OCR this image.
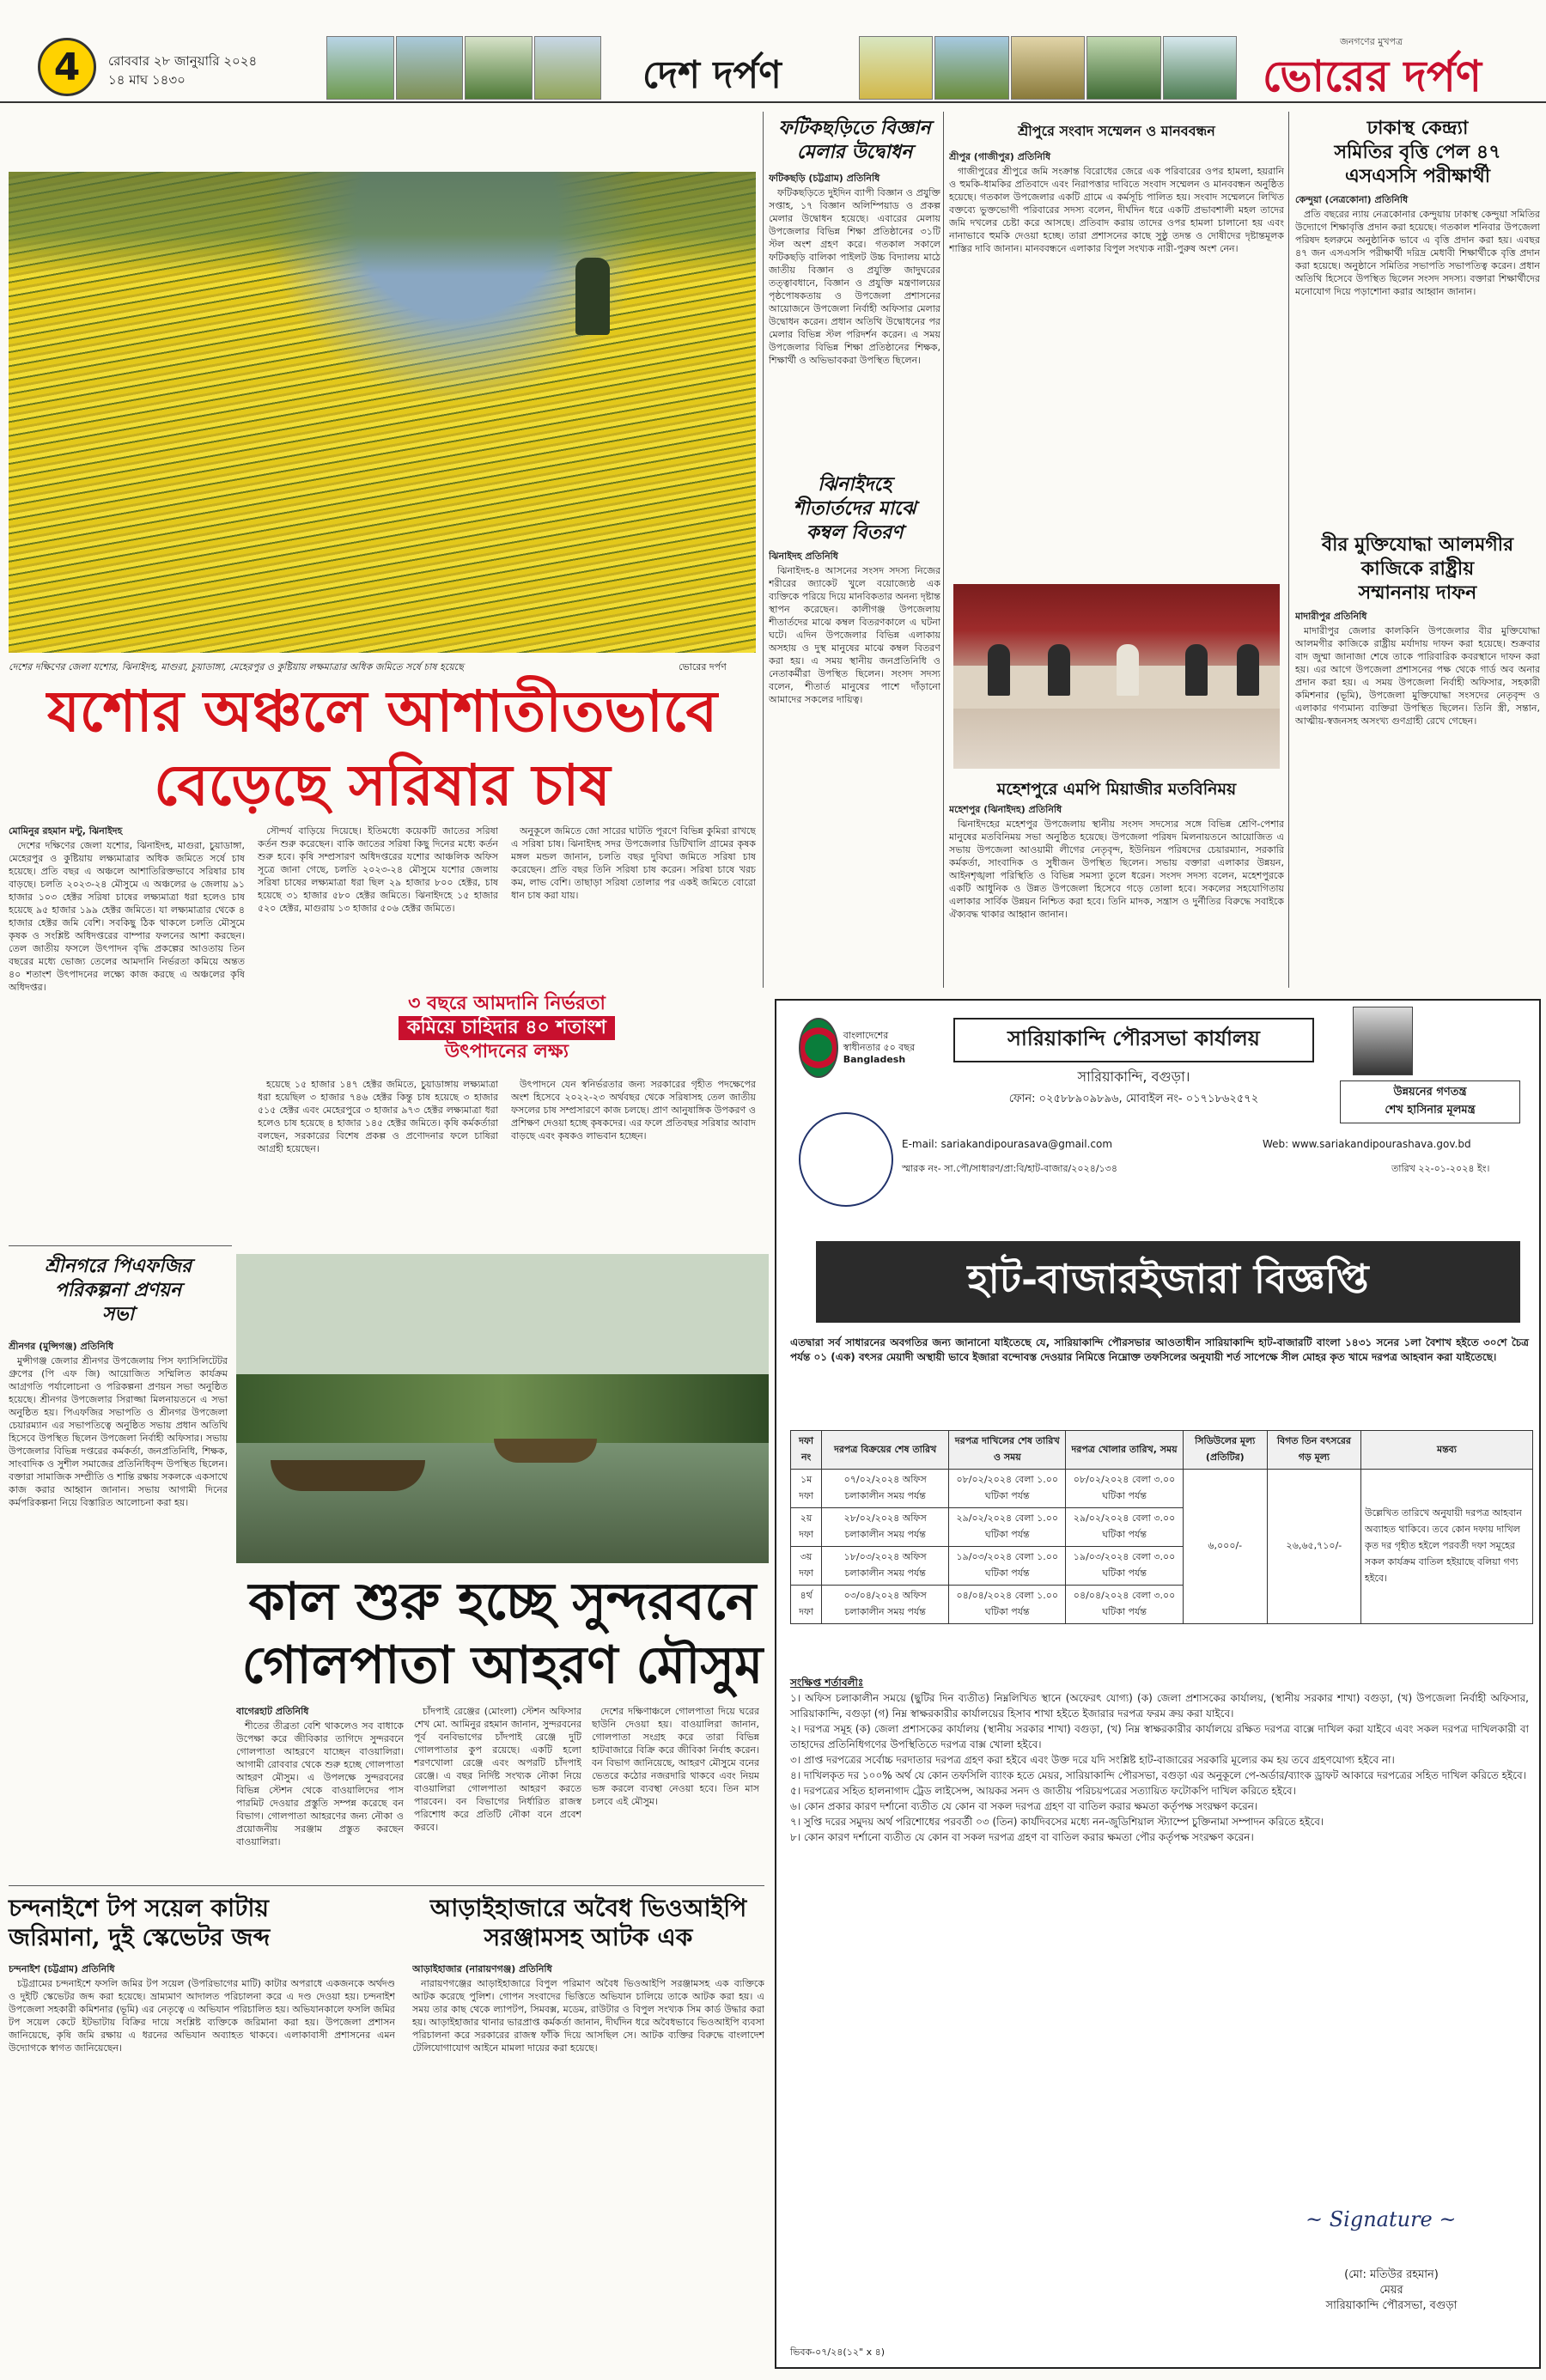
4	রোববার ২৮ জানুয়ারি ২০২৪
১৪ মাঘ ১৪৩০	দেশ দর্পণ
জনগণের মুখপত্র
ভোরের দর্পণ
দেশের দক্ষিণের জেলা যশোর, ঝিনাইদহ, মাগুরা, চুয়াডাঙ্গা, মেহেরপুর ও কুষ্টিয়ায় লক্ষমাত্রার অধিক জমিতে সর্ষে চাষ হয়েছে	ভোরের দর্পণ
যশোর অঞ্চলে আশাতীতভাবে
বেড়েছে সরিষার চাষ

মোমিনুর রহমান মন্টু, ঝিনাইদহ

দেশের দক্ষিণের জেলা যশোর, ঝিনাইদহ, মাগুরা, চুয়াডাঙ্গা, মেহেরপুর ও কুষ্টিয়ায় লক্ষ্যমাত্রার অধিক জমিতে সর্ষে চাষ হয়েছে। প্রতি বছর এ অঞ্চলে আশাতিরিক্তভাবে সরিষার চাষ বাড়ছে। চলতি ২০২৩-২৪ মৌসুমে এ অঞ্চলের ৬ জেলায় ৯১ হাজার ১০৩ হেক্টর সরিষা চাষের লক্ষ্যমাত্রা ধরা হলেও চাষ হয়েছে ৯৫ হাজার ১৯৯ হেক্টর জমিতে। যা লক্ষ্যমাত্রার থেকে ৪ হাজার হেক্টর জমি বেশি। সবকিছু ঠিক থাকলে চলতি মৌসুমে কৃষক ও সংশ্লিষ্ট অধিদপ্তরের বাম্পার ফলনের আশা করছেন। তেল জাতীয় ফসলে উৎপাদন বৃদ্ধি প্রকল্পের আওতায় তিন বছরের মধ্যে ভোজ্য তেলের আমদানি নির্ভরতা কমিয়ে অন্তত ৪০ শতাংশ উৎপাদনের লক্ষ্যে কাজ করছে এ অঞ্চলের কৃষি অধিদপ্তর।

সৌন্দর্য বাড়িয়ে দিয়েছে। ইতিমধ্যে কয়েকটি জাতের সরিষা কর্তন শুরু করেছেন। বাকি জাতের সরিষা কিছু দিনের মধ্যে কর্তন শুরু হবে। কৃষি সম্প্রসারণ অধিদপ্তরের যশোর আঞ্চলিক অফিস সূত্রে জানা গেছে, চলতি ২০২৩-২৪ মৌসুমে যশোর জেলায় সরিষা চাষের লক্ষ্যমাত্রা ধরা ছিল ২৯ হাজার ৮০০ হেক্টর, চাষ হয়েছে ৩১ হাজার ৫৮০ হেক্টর জমিতে। ঝিনাইদহে ১৫ হাজার ৫২০ হেক্টর, মাগুরায় ১৩ হাজার ৫০৬ হেক্টর জমিতে।

অনুকূলে জমিতে জো সারের ঘাটতি পূরণে বিভিন্ন কুমিরা রাখছে এ সরিষা চাষ। ঝিনাইদহ সদর উপজেলার ডিটিখালি গ্রামের কৃষক মঙ্গল মন্ডল জানান, চলতি বছর দুবিঘা জমিতে সরিষা চাষ করেছেন। প্রতি বছর তিনি সরিষা চাষ করেন। সরিষা চাষে খরচ কম, লাভ বেশি। তাছাড়া সরিষা তোলার পর একই জমিতে বোরো ধান চাষ করা যায়।

৩ বছরে আমদানি নির্ভরতা
কমিয়ে চাহিদার ৪০ শতাংশ
উৎপাদনের লক্ষ্য

হয়েছে ১৫ হাজার ১৪৭ হেক্টর জমিতে, চুয়াডাঙ্গায় লক্ষ্যমাত্রা ধরা হয়েছিল ৩ হাজার ৭৪৬ হেক্টর কিন্তু চাষ হয়েছে ৩ হাজার ৫১৫ হেক্টর এবং মেহেরপুরে ৩ হাজার ৯৭৩ হেক্টর লক্ষ্যমাত্রা ধরা হলেও চাষ হয়েছে ৪ হাজার ১৪৫ হেক্টর জমিতে। কৃষি কর্মকর্তারা বলছেন, সরকারের বিশেষ প্রকল্প ও প্রণোদনার ফলে চাষিরা আগ্রহী হয়েছেন।

উৎপাদনে যেন স্বনির্ভরতার জন্য সরকারের গৃহীত পদক্ষেপের অংশ হিসেবে ২০২২-২৩ অর্থবছর থেকে সরিষাসহ তেল জাতীয় ফসলের চাষ সম্প্রসারণে কাজ চলছে। প্রাণ আনুষাঙ্গিক উপকরণ ও প্রশিক্ষণ দেওয়া হচ্ছে কৃষকদের। এর ফলে প্রতিবছর সরিষার আবাদ বাড়ছে এবং কৃষকও লাভবান হচ্ছেন।

শ্রীনগরে পিএফজির
পরিকল্পনা প্রণয়ন
সভা

শ্রীনগর (মুন্সিগঞ্জ) প্রতিনিধি

মুন্সীগঞ্জ জেলার শ্রীনগর উপজেলায় পিস ফ্যাসিলিটেটর গ্রুপের (পি এফ জি) আয়োজিত সম্মিলিত কার্যক্রম আগ্রগতি পর্যালোচনা ও পরিকল্পনা প্রণয়ন সভা অনুষ্ঠিত হয়েছে। শ্রীনগর উপজেলার সিরাজ্জা মিলনায়তনে এ সভা অনুষ্ঠিত হয়। পিএফজির সভাপতি ও শ্রীনগর উপজেলা চেয়ারম্যান এর সভাপতিত্বে অনুষ্ঠিত সভায় প্রধান অতিথি হিসেবে উপস্থিত ছিলেন উপজেলা নির্বাহী অফিসার। সভায় উপজেলার বিভিন্ন দপ্তরের কর্মকর্তা, জনপ্রতিনিধি, শিক্ষক, সাংবাদিক ও সুশীল সমাজের প্রতিনিধিবৃন্দ উপস্থিত ছিলেন। বক্তারা সামাজিক সম্প্রীতি ও শান্তি রক্ষায় সকলকে একসাথে কাজ করার আহ্বান জানান। সভায় আগামী দিনের কর্মপরিকল্পনা নিয়ে বিস্তারিত আলোচনা করা হয়।

কাল শুরু হচ্ছে সুন্দরবনে
গোলপাতা আহরণ মৌসুম

বাগেরহাট প্রতিনিধি

শীতের তীব্রতা বেশি থাকলেও সব বাধাকে উপেক্ষা করে জীবিকার তাগিদে সুন্দরবনে গোলপাতা আহরণে যাচ্ছেন বাওয়ালিরা। আগামী রোববার থেকে শুরু হচ্ছে গোলপাতা আহরণ মৌসুম। এ উপলক্ষে সুন্দরবনের বিভিন্ন স্টেশন থেকে বাওয়ালিদের পাস পারমিট দেওয়ার প্রস্তুতি সম্পন্ন করেছে বন বিভাগ। গোলপাতা আহরণের জন্য নৌকা ও প্রয়োজনীয় সরঞ্জাম প্রস্তুত করছেন বাওয়ালিরা।

চাঁদপাই রেঞ্জের (মোংলা) স্টেশন অফিসার শেখ মো. আমিনুর রহমান জানান, সুন্দরবনের পূর্ব বনবিভাগের চাঁদপাই রেঞ্জে দুটি গোলপাতার কুপ রয়েছে। একটি হলো শরণখোলা রেঞ্জে এবং অপরটি চাঁদপাই রেঞ্জে। এ বছর নির্দিষ্ট সংখ্যক নৌকা নিয়ে বাওয়ালিরা গোলপাতা আহরণ করতে পারবেন। বন বিভাগের নির্ধারিত রাজস্ব পরিশোধ করে প্রতিটি নৌকা বনে প্রবেশ করবে।

দেশের দক্ষিণাঞ্চলে গোলপাতা দিয়ে ঘরের ছাউনি দেওয়া হয়। বাওয়ালিরা জানান, গোলপাতা সংগ্রহ করে তারা বিভিন্ন হাটবাজারে বিক্রি করে জীবিকা নির্বাহ করেন। বন বিভাগ জানিয়েছে, আহরণ মৌসুমে বনের ভেতরে কঠোর নজরদারি থাকবে এবং নিয়ম ভঙ্গ করলে ব্যবস্থা নেওয়া হবে। তিন মাস চলবে এই মৌসুম।

চন্দনাইশে টপ সয়েল কাটায়
জরিমানা, দুই স্কেভেটর জব্দ

চন্দনাইশ (চট্টগ্রাম) প্রতিনিধি

চট্টগ্রামের চন্দনাইশে ফসলি জমির টপ সয়েল (উপরিভাগের মাটি) কাটার অপরাধে একজনকে অর্থদণ্ড ও দুইটি স্কেভেটর জব্দ করা হয়েছে। ভ্রাম্যমাণ আদালত পরিচালনা করে এ দণ্ড দেওয়া হয়। চন্দনাইশ উপজেলা সহকারী কমিশনার (ভূমি) এর নেতৃত্বে এ অভিযান পরিচালিত হয়। অভিযানকালে ফসলি জমির টপ সয়েল কেটে ইটভাটায় বিক্রির দায়ে সংশ্লিষ্ট ব্যক্তিকে জরিমানা করা হয়। উপজেলা প্রশাসন জানিয়েছে, কৃষি জমি রক্ষায় এ ধরনের অভিযান অব্যাহত থাকবে। এলাকাবাসী প্রশাসনের এমন উদ্যোগকে স্বাগত জানিয়েছেন।

আড়াইহাজারে অবৈধ ভিওআইপি
সরঞ্জামসহ আটক এক

আড়াইহাজার (নারায়ণগঞ্জ) প্রতিনিধি

নারায়ণগঞ্জের আড়াইহাজারে বিপুল পরিমাণ অবৈধ ভিওআইপি সরঞ্জামসহ এক ব্যক্তিকে আটক করেছে পুলিশ। গোপন সংবাদের ভিত্তিতে অভিযান চালিয়ে তাকে আটক করা হয়। এ সময় তার কাছ থেকে ল্যাপটপ, সিমবক্স, মডেম, রাউটার ও বিপুল সংখ্যক সিম কার্ড উদ্ধার করা হয়। আড়াইহাজার থানার ভারপ্রাপ্ত কর্মকর্তা জানান, দীর্ঘদিন ধরে অবৈধভাবে ভিওআইপি ব্যবসা পরিচালনা করে সরকারের রাজস্ব ফাঁকি দিয়ে আসছিল সে। আটক ব্যক্তির বিরুদ্ধে বাংলাদেশ টেলিযোগাযোগ আইনে মামলা দায়ের করা হয়েছে।

ফটিকছড়িতে বিজ্ঞান
মেলার উদ্বোধন

ফটিকছড়ি (চট্টগ্রাম) প্রতিনিধি

ফটিকছড়িতে দুইদিন ব্যাপী বিজ্ঞান ও প্রযুক্তি সপ্তাহ, ১৭ বিজ্ঞান অলিম্পিয়াড ও প্রকল্প মেলার উদ্বোধন হয়েছে। এবারের মেলায় উপজেলার বিভিন্ন শিক্ষা প্রতিষ্ঠানের ৩১টি স্টল অংশ গ্রহণ করে। গতকাল সকালে ফটিকছড়ি বালিকা পাইলট উচ্চ বিদ্যালয় মাঠে জাতীয় বিজ্ঞান ও প্রযুক্তি জাদুঘরের তত্ত্বাবধানে, বিজ্ঞান ও প্রযুক্তি মন্ত্রণালয়ের পৃষ্ঠপোষকতায় ও উপজেলা প্রশাসনের আয়োজনে উপজেলা নির্বাহী অফিসার মেলার উদ্বোধন করেন। প্রধান অতিথি উদ্বোধনের পর মেলার বিভিন্ন স্টল পরিদর্শন করেন। এ সময় উপজেলার বিভিন্ন শিক্ষা প্রতিষ্ঠানের শিক্ষক, শিক্ষার্থী ও অভিভাবকরা উপস্থিত ছিলেন।

ঝিনাইদহে
শীতার্তদের মাঝে
কম্বল বিতরণ

ঝিনাইদহ প্রতিনিধি

ঝিনাইদহ-৪ আসনের সংসদ সদস্য নিজের শরীরের জ্যাকেট খুলে বয়োজ্যেষ্ঠ এক ব্যক্তিকে পরিয়ে দিয়ে মানবিকতার অনন্য দৃষ্টান্ত স্থাপন করেছেন। কালীগঞ্জ উপজেলায় শীতার্তদের মাঝে কম্বল বিতরণকালে এ ঘটনা ঘটে। এদিন উপজেলার বিভিন্ন এলাকায় অসহায় ও দুস্থ মানুষের মাঝে কম্বল বিতরণ করা হয়। এ সময় স্থানীয় জনপ্রতিনিধি ও নেতাকর্মীরা উপস্থিত ছিলেন। সংসদ সদস্য বলেন, শীতার্ত মানুষের পাশে দাঁড়ানো আমাদের সকলের দায়িত্ব।

শ্রীপুরে সংবাদ সম্মেলন ও মানববন্ধন

শ্রীপুর (গাজীপুর) প্রতিনিধি

গাজীপুরের শ্রীপুরে জমি সংক্রান্ত বিরোধের জেরে এক পরিবারের ওপর হামলা, হয়রানি ও হুমকি-ধামকির প্রতিবাদে এবং নিরাপত্তার দাবিতে সংবাদ সম্মেলন ও মানববন্ধন অনুষ্ঠিত হয়েছে। গতকাল উপজেলার একটি গ্রামে এ কর্মসূচি পালিত হয়। সংবাদ সম্মেলনে লিখিত বক্তব্যে ভুক্তভোগী পরিবারের সদস্য বলেন, দীর্ঘদিন ধরে একটি প্রভাবশালী মহল তাদের জমি দখলের চেষ্টা করে আসছে। প্রতিবাদ করায় তাদের ওপর হামলা চালানো হয় এবং নানাভাবে হুমকি দেওয়া হচ্ছে। তারা প্রশাসনের কাছে সুষ্ঠু তদন্ত ও দোষীদের দৃষ্টান্তমূলক শাস্তির দাবি জানান। মানববন্ধনে এলাকার বিপুল সংখ্যক নারী-পুরুষ অংশ নেন।

মহেশপুরে এমপি মিয়াজীর মতবিনিময়

মহেশপুর (ঝিনাইদহ) প্রতিনিধি

ঝিনাইদহের মহেশপুর উপজেলায় স্থানীয় সংসদ সদস্যের সঙ্গে বিভিন্ন শ্রেণি-পেশার মানুষের মতবিনিময় সভা অনুষ্ঠিত হয়েছে। উপজেলা পরিষদ মিলনায়তনে আয়োজিত এ সভায় উপজেলা আওয়ামী লীগের নেতৃবৃন্দ, ইউনিয়ন পরিষদের চেয়ারম্যান, সরকারি কর্মকর্তা, সাংবাদিক ও সুধীজন উপস্থিত ছিলেন। সভায় বক্তারা এলাকার উন্নয়ন, আইনশৃঙ্খলা পরিস্থিতি ও বিভিন্ন সমস্যা তুলে ধরেন। সংসদ সদস্য বলেন, মহেশপুরকে একটি আধুনিক ও উন্নত উপজেলা হিসেবে গড়ে তোলা হবে। সকলের সহযোগিতায় এলাকার সার্বিক উন্নয়ন নিশ্চিত করা হবে। তিনি মাদক, সন্ত্রাস ও দুর্নীতির বিরুদ্ধে সবাইকে ঐক্যবদ্ধ থাকার আহ্বান জানান।

ঢাকাস্থ কেন্দ্র্যা
সমিতির বৃত্তি পেল ৪৭
এসএসসি পরীক্ষার্থী

কেন্দুয়া (নেত্রকোনা) প্রতিনিধি

প্রতি বছরের ন্যায় নেত্রকোনার কেন্দুয়ায় ঢাকাস্থ কেন্দুয়া সমিতির উদ্যোগে শিক্ষাবৃত্তি প্রদান করা হয়েছে। গতকাল শনিবার উপজেলা পরিষদ হলরুমে অনুষ্ঠানিক ভাবে এ বৃত্তি প্রদান করা হয়। এবছর ৪৭ জন এসএসসি পরীক্ষার্থী দরিদ্র মেধাবী শিক্ষার্থীকে বৃত্তি প্রদান করা হয়েছে। অনুষ্ঠানে সমিতির সভাপতি সভাপতিত্ব করেন। প্রধান অতিথি হিসেবে উপস্থিত ছিলেন সংসদ সদস্য। বক্তারা শিক্ষার্থীদের মনোযোগ দিয়ে পড়াশোনা করার আহ্বান জানান।

বীর মুক্তিযোদ্ধা আলমগীর
কাজিকে রাষ্ট্রীয়
সম্মাননায় দাফন

মাদারীপুর প্রতিনিধি

মাদারীপুর জেলার কালকিনি উপজেলার বীর মুক্তিযোদ্ধা আলমগীর কাজিকে রাষ্ট্রীয় মর্যাদায় দাফন করা হয়েছে। শুক্রবার বাদ জুম্মা জানাজা শেষে তাকে পারিবারিক কবরস্থানে দাফন করা হয়। এর আগে উপজেলা প্রশাসনের পক্ষ থেকে গার্ড অব অনার প্রদান করা হয়। এ সময় উপজেলা নির্বাহী অফিসার, সহকারী কমিশনার (ভূমি), উপজেলা মুক্তিযোদ্ধা সংসদের নেতৃবৃন্দ ও এলাকার গণ্যমান্য ব্যক্তিরা উপস্থিত ছিলেন। তিনি স্ত্রী, সন্তান, আত্মীয়-স্বজনসহ অসংখ্য গুণগ্রাহী রেখে গেছেন।

বাংলাদেশের স্বাধীনতার ৫০ বছর
Bangladesh
সারিয়াকান্দি পৌরসভা কার্যালয়
সারিয়াকান্দি, বগুড়া।
ফোন: ০২৫৮৮৯০৯৮৯৬, মোবাইল নং- ০১৭১৮৬২৫৭২
উন্নয়নের গণতন্ত্র
শেখ হাসিনার মূলমন্ত্র
E-mail: sariakandipourasava@gmail.com	Web: www.sariakandipourashava.gov.bd
স্মারক নং- সা.পৌ/সাধারণ/প্রা:বি/হাট-বাজার/২০২৪/১৩৪	তারিখ ২২-০১-২০২৪ ইং।
হাট-বাজারইজারা বিজ্ঞপ্তি
এতদ্বারা সর্ব সাধারনের অবগতির জন্য জানানো যাইতেছে যে, সারিয়াকান্দি পৌরসভার আওতাধীন সারিয়াকান্দি হাট-বাজারটি বাংলা ১৪৩১ সনের ১লা বৈশাখ হইতে ৩০শে চৈত্র পর্যন্ত ০১ (এক) বৎসর মেয়াদী অস্থায়ী ভাবে ইজারা বন্দোবস্ত দেওয়ার নিমিত্তে নিম্নোক্ত তফসিলের অনুযায়ী শর্ত সাপেক্ষে সীল মোহর কৃত খামে দরপত্র আহবান করা যাইতেছে।
দফা নং	দরপত্র বিক্রয়ের শেষ তারিখ	দরপত্র দাখিলের শেষ তারিখ ও সময়	দরপত্র খোলার তারিখ, সময়	সিডিউলের মূল্য (প্রতিটির)	বিগত তিন বৎসরের গড় মূল্য	মন্তব্য
১ম দফা	০৭/০২/২০২৪ অফিস চলাকালীন সময় পর্যন্ত	০৮/০২/২০২৪ বেলা ১.০০ ঘটিকা পর্যন্ত	০৮/০২/২০২৪ বেলা ৩.০০ ঘটিকা পর্যন্ত	৬,০০০/-	২৬,৬৫,৭১০/-	উল্লেখিত তারিখে অনুযায়ী দরপত্র আহবান অব্যাহত থাকিবে। তবে কোন দফায় দাখিল কৃত দর গৃহীত হইলে পরবর্তী দফা সমূহের সকল কার্যক্রম বাতিল হইয়াছে বলিয়া গণ্য হইবে।
২য় দফা	২৮/০২/২০২৪ অফিস চলাকালীন সময় পর্যন্ত	২৯/০২/২০২৪ বেলা ১.০০ ঘটিকা পর্যন্ত	২৯/০২/২০২৪ বেলা ৩.০০ ঘটিকা পর্যন্ত			
৩য় দফা	১৮/০৩/২০২৪ অফিস চলাকালীন সময় পর্যন্ত	১৯/০৩/২০২৪ বেলা ১.০০ ঘটিকা পর্যন্ত	১৯/০৩/২০২৪ বেলা ৩.০০ ঘটিকা পর্যন্ত			
৪র্থ দফা	০৩/০৪/২০২৪ অফিস চলাকালীন সময় পর্যন্ত	০৪/০৪/২০২৪ বেলা ১.০০ ঘটিকা পর্যন্ত	০৪/০৪/২০২৪ বেলা ৩.০০ ঘটিকা পর্যন্ত			
সংক্ষিপ্ত শর্তাবলীঃ
১। অফিস চলাকালীন সময়ে (ছুটির দিন ব্যতীত) নিম্নলিখিত স্থানে (অফেরৎ যোগ্য) (ক) জেলা প্রশাসকের কার্যালয়, (স্থানীয় সরকার শাখা) বগুড়া, (খ) উপজেলা নির্বাহী অফিসার, সারিয়াকান্দি, বগুড়া (গ) নিম্ন স্বাক্ষরকারীর কার্যালয়ের হিসাব শাখা হইতে ইজারার দরপত্র ফরম ক্রয় করা যাইবে।
২। দরপত্র সমূহ (ক) জেলা প্রশাসকের কার্যালয় (স্থানীয় সরকার শাখা) বগুড়া, (খ) নিম্ন স্বাক্ষরকারীর কার্যালয়ে রক্ষিত দরপত্র বাক্সে দাখিল করা যাইবে এবং সকল দরপত্র দাখিলকারী বা তাহাদের প্রতিনিধিগণের উপস্থিতিতে দরপত্র বাক্স খোলা হইবে।
৩। প্রাপ্ত দরপত্রের সর্বোচ্চ দরদাতার দরপত্র গ্রহণ করা হইবে এবং উক্ত দরে যদি সংশ্লিষ্ট হাট-বাজারের সরকারি মূল্যের কম হয় তবে গ্রহণযোগ্য হইবে না।
৪। দাখিলকৃত দর ১০০% অর্থ যে কোন তফসিলি ব্যাংক হতে মেয়র, সারিয়াকান্দি পৌরসভা, বগুড়া এর অনুকূলে পে-অর্ডার/ব্যাংক ড্রাফট আকারে দরপত্রের সহিত দাখিল করিতে হইবে।
৫। দরপত্রের সহিত হালনাগাদ ট্রেড লাইসেন্স, আয়কর সনদ ও জাতীয় পরিচয়পত্রের সত্যায়িত ফটোকপি দাখিল করিতে হইবে।
৬। কোন প্রকার কারণ দর্শানো ব্যতীত যে কোন বা সকল দরপত্র গ্রহণ বা বাতিল করার ক্ষমতা কর্তৃপক্ষ সংরক্ষণ করেন।
৭। সুপ্তি দরের সমুদয় অর্থ পরিশোধের পরবর্তী ০৩ (তিন) কার্যদিবসের মধ্যে নন-জুডিশিয়াল স্ট্যাম্পে চুক্তিনামা সম্পাদন করিতে হইবে।
৮। কোন কারণ দর্শানো ব্যতীত যে কোন বা সকল দরপত্র গ্রহণ বা বাতিল করার ক্ষমতা পৌর কর্তৃপক্ষ সংরক্ষণ করেন।
~ Signature ~
(মো: মতিউর রহমান)
মেয়র
সারিয়াকান্দি পৌরসভা, বগুড়া
ভিবক-০৭/২৪(১২" x ৪)
